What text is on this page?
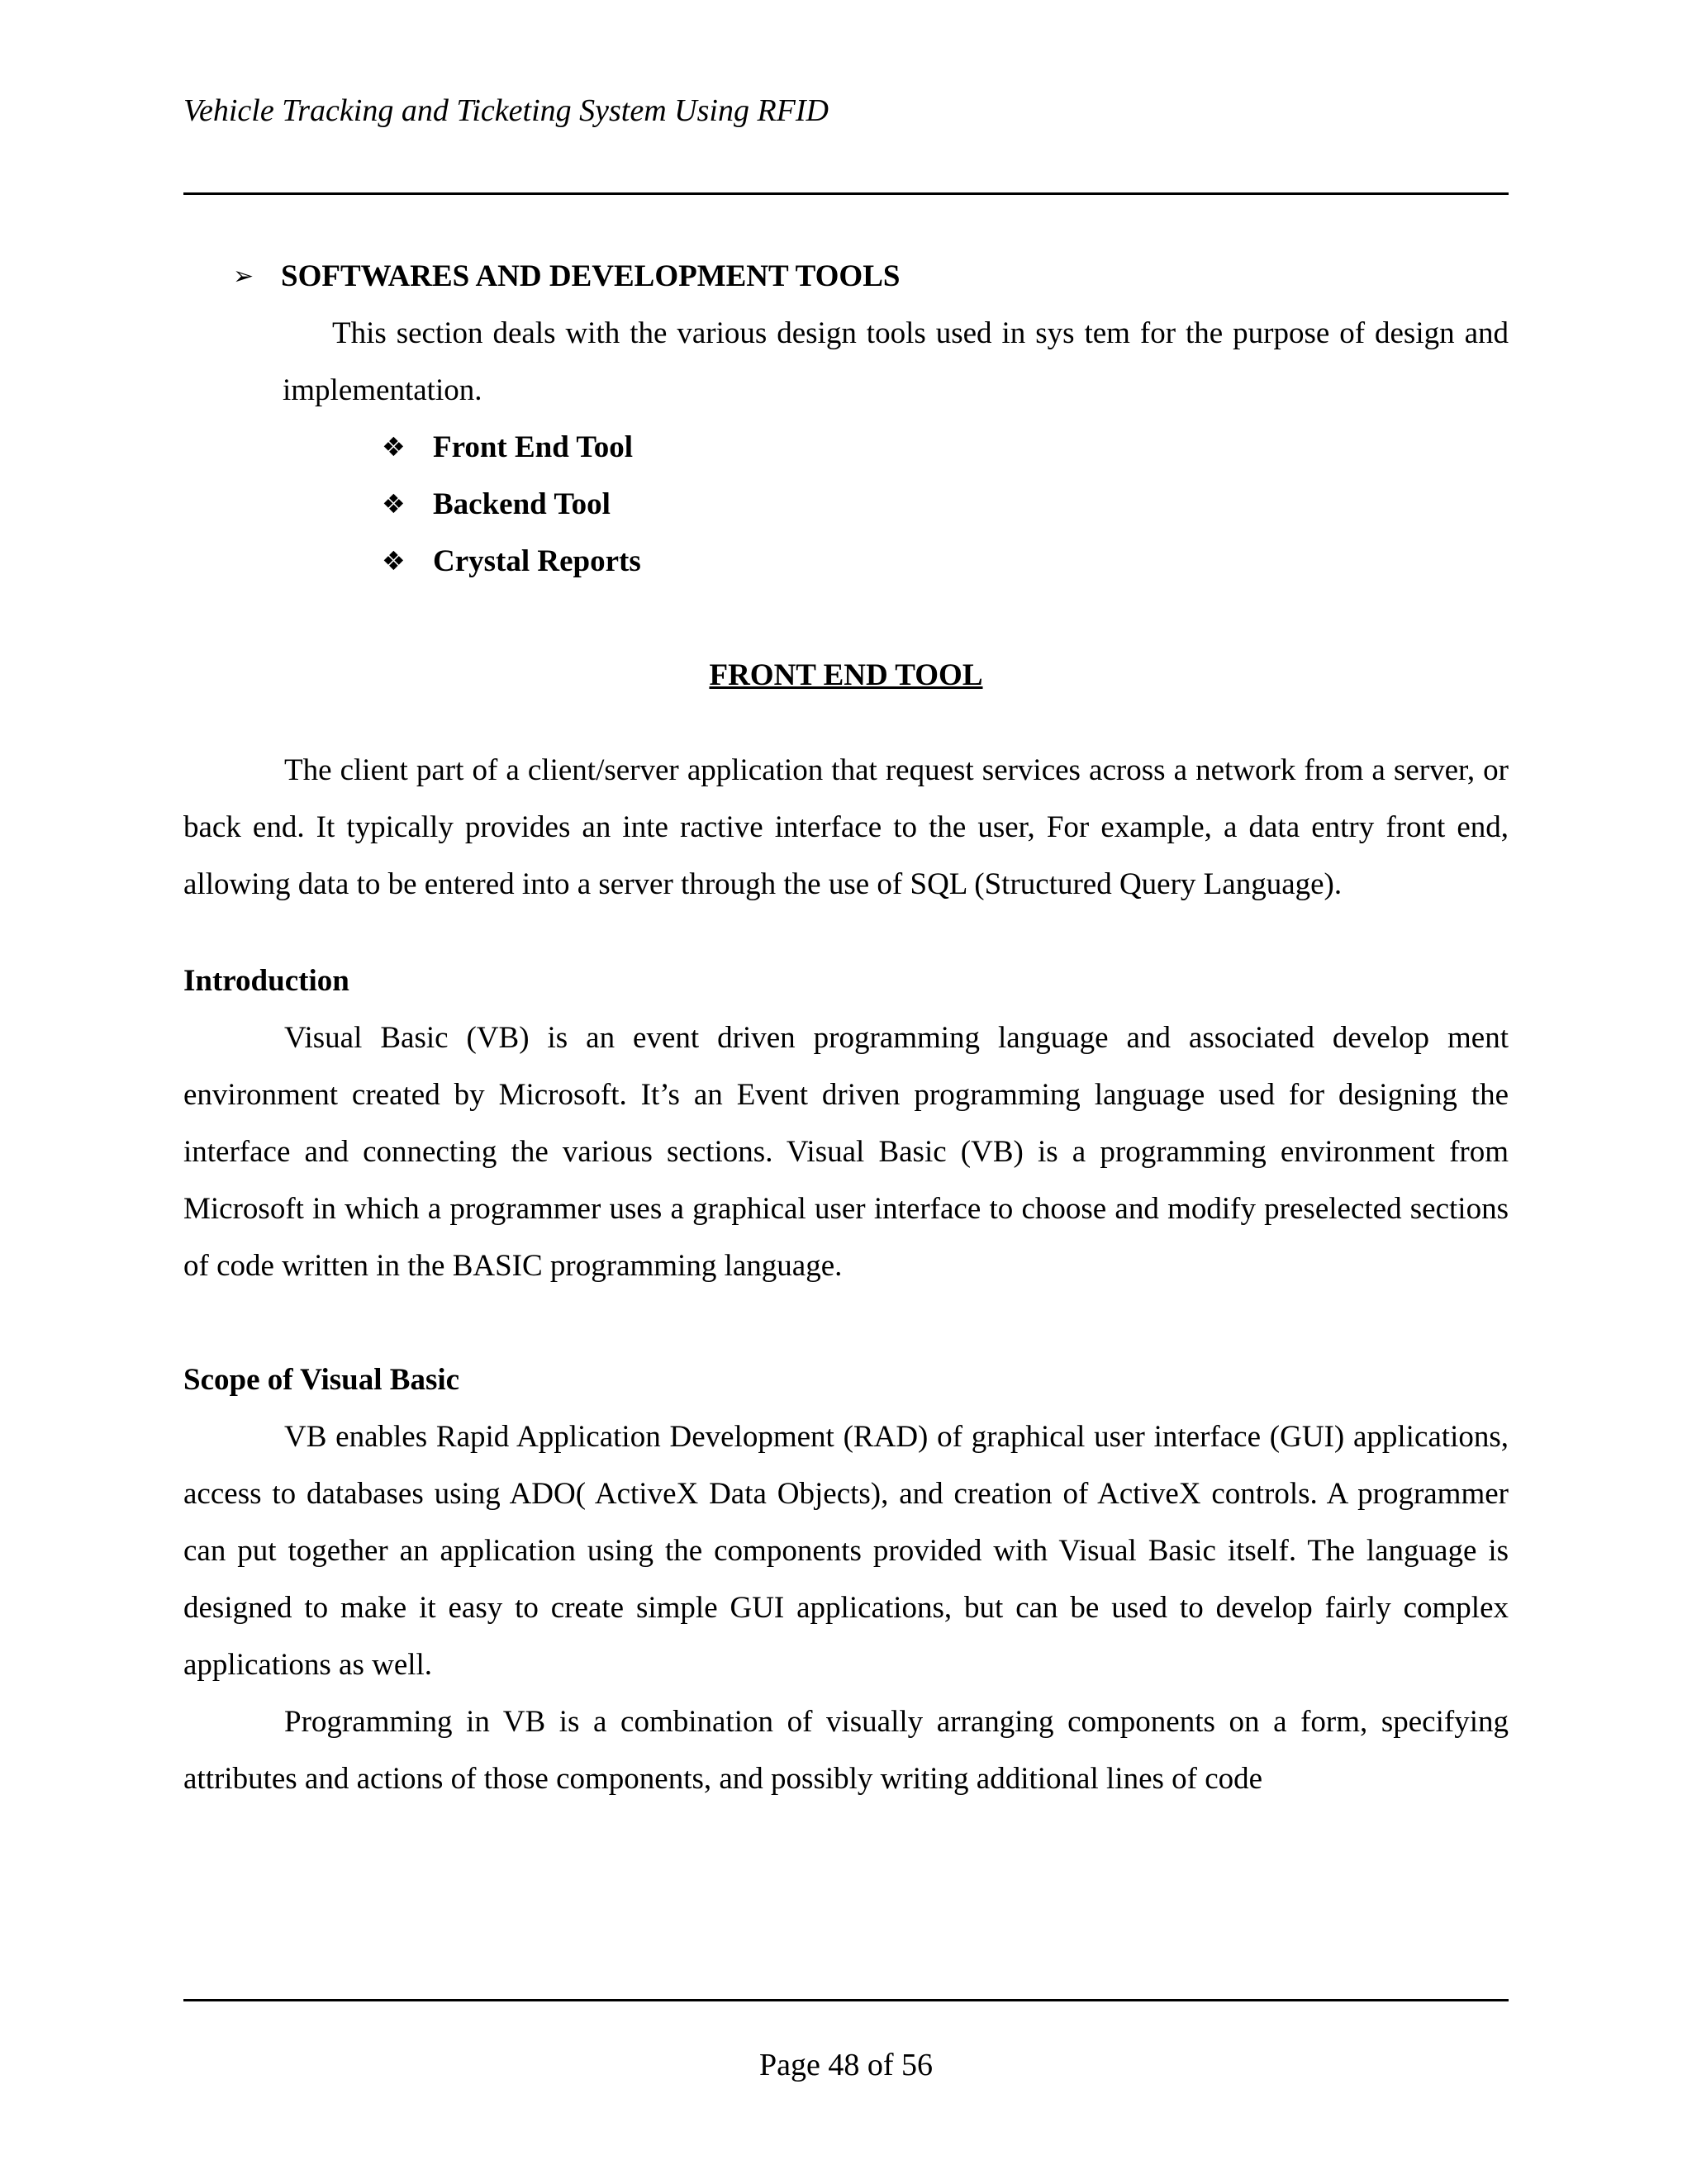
Vehicle Tracking and Ticketing System Using RFID
➢ SOFTWARES AND DEVELOPMENT TOOLS
This section deals with the various design tools used in sys tem for the purpose of design and implementation.
❖ Front End Tool
❖ Backend Tool
❖ Crystal Reports
FRONT END TOOL

The client part of a client/server application that request services across a network from a server, or back end. It typically provides an inte ractive interface to the user, For example, a data entry front end, allowing data to be entered into a server through the use of SQL (Structured Query Language).

Introduction

Visual Basic (VB) is an event driven programming language and associated develop ment environment created by Microsoft. It’s an Event driven programming language used for designing the interface and connecting the various sections. Visual Basic (VB) is a programming environment from Microsoft in which a programmer uses a graphical user interface to choose and modify preselected sections of code written in the BASIC programming language.

Scope of Visual Basic

VB enables Rapid Application Development (RAD) of graphical user interface (GUI) applications, access to databases using ADO( ActiveX Data Objects), and creation of ActiveX controls. A programmer can put together an application using the components provided with Visual Basic itself. The language is designed to make it easy to create simple GUI applications, but can be used to develop fairly complex applications as well.

Programming in VB is a combination of visually arranging components on a form, specifying attributes and actions of those components, and possibly writing additional lines of code

Page 48 of 56
